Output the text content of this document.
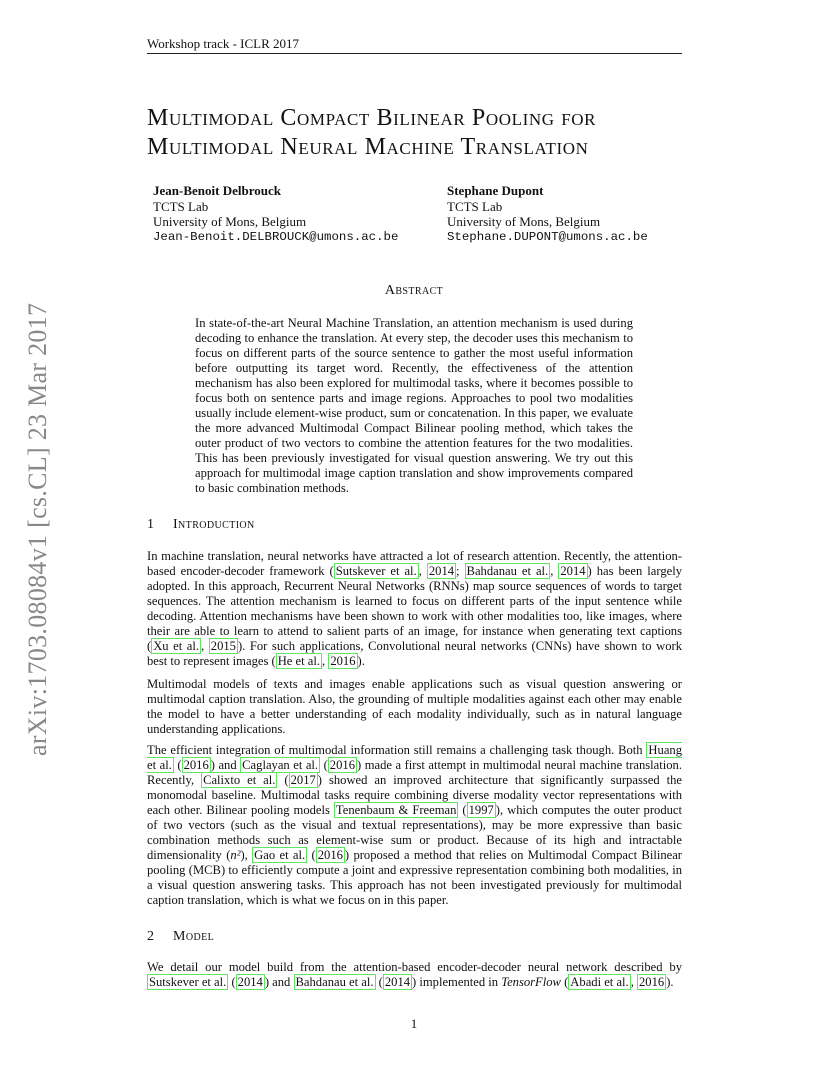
Workshop track - ICLR 2017
Multimodal Compact Bilinear Pooling for
Multimodal Neural Machine Translation
Jean-Benoit Delbrouck
TCTS Lab
University of Mons, Belgium
Jean-Benoit.DELBROUCK@umons.ac.be
Stephane Dupont
TCTS Lab
University of Mons, Belgium
Stephane.DUPONT@umons.ac.be
arXiv:1703.08084v1 [cs.CL] 23 Mar 2017
Abstract

In state-of-the-art Neural Machine Translation, an attention mechanism is used during decoding to enhance the translation. At every step, the decoder uses this mechanism to focus on different parts of the source sentence to gather the most useful information before outputting its target word. Recently, the effectiveness of the attention mechanism has also been explored for multimodal tasks, where it becomes possible to focus both on sentence parts and image regions. Approaches to pool two modalities usually include element-wise product, sum or concatenation. In this paper, we evaluate the more advanced Multimodal Compact Bilinear pooling method, which takes the outer product of two vectors to combine the attention features for the two modalities. This has been previously investigated for visual question answering. We try out this approach for multimodal image caption translation and show improvements compared to basic combination methods.

1 Introduction

In machine translation, neural networks have attracted a lot of research attention. Recently, the attention-based encoder-decoder framework ( Sutskever et al. , 2014 ; Bahdanau et al. , 2014 ) has been largely adopted. In this approach, Recurrent Neural Networks (RNNs) map source sequences of words to target sequences. The attention mechanism is learned to focus on different parts of the input sentence while decoding. Attention mechanisms have been shown to work with other modalities too, like images, where their are able to learn to attend to salient parts of an image, for instance when generating text captions ( Xu et al. , 2015 ). For such applications, Convolutional neural networks (CNNs) have shown to work best to represent images ( He et al. , 2016 ).

Multimodal models of texts and images enable applications such as visual question answering or multimodal caption translation. Also, the grounding of multiple modalities against each other may enable the model to have a better understanding of each modality individually, such as in natural language understanding applications.

The efficient integration of multimodal information still remains a challenging task though. Both Huang et al. ( 2016 ) and Caglayan et al. ( 2016 ) made a first attempt in multimodal neural machine translation. Recently, Calixto et al. ( 2017 ) showed an improved architecture that significantly surpassed the monomodal baseline. Multimodal tasks require combining diverse modality vector representations with each other. Bilinear pooling models Tenenbaum & Freeman ( 1997 ), which computes the outer product of two vectors (such as the visual and textual representations), may be more expressive than basic combination methods such as element-wise sum or product. Because of its high and intractable dimensionality (n²), Gao et al. ( 2016 ) proposed a method that relies on Multimodal Compact Bilinear pooling (MCB) to efficiently compute a joint and expressive representation combining both modalities, in a visual question answering tasks. This approach has not been investigated previously for multimodal caption translation, which is what we focus on in this paper.

2 Model

We detail our model build from the attention-based encoder-decoder neural network described by Sutskever et al. ( 2014 ) and Bahdanau et al. ( 2014 ) implemented in TensorFlow ( Abadi et al. , 2016 ).

1
